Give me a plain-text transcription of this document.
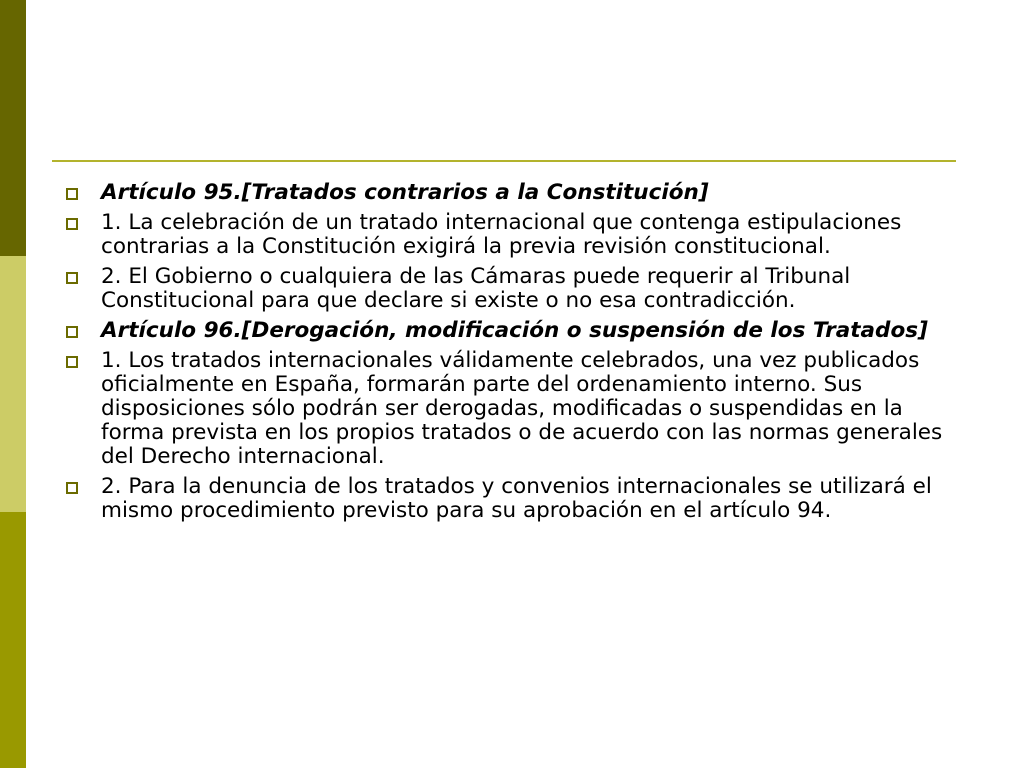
Artículo 95.[Tratados contrarios a la Constitución]
1. La celebración de un tratado internacional que contenga estipulaciones contrarias a la Constitución exigirá la previa revisión constitucional.
2. El Gobierno o cualquiera de las Cámaras puede requerir al Tribunal Constitucional para que declare si existe o no esa contradicción.
Artículo 96.[Derogación, modificación o suspensión de los Tratados]
1. Los tratados internacionales válidamente celebrados, una vez publicados oficialmente en España, formarán parte del ordenamiento interno. Sus disposiciones sólo podrán ser derogadas, modificadas o suspendidas en la forma prevista en los propios tratados o de acuerdo con las normas generales del Derecho internacional.
2. Para la denuncia de los tratados y convenios internacionales se utilizará el mismo procedimiento previsto para su aprobación en el artículo 94.
